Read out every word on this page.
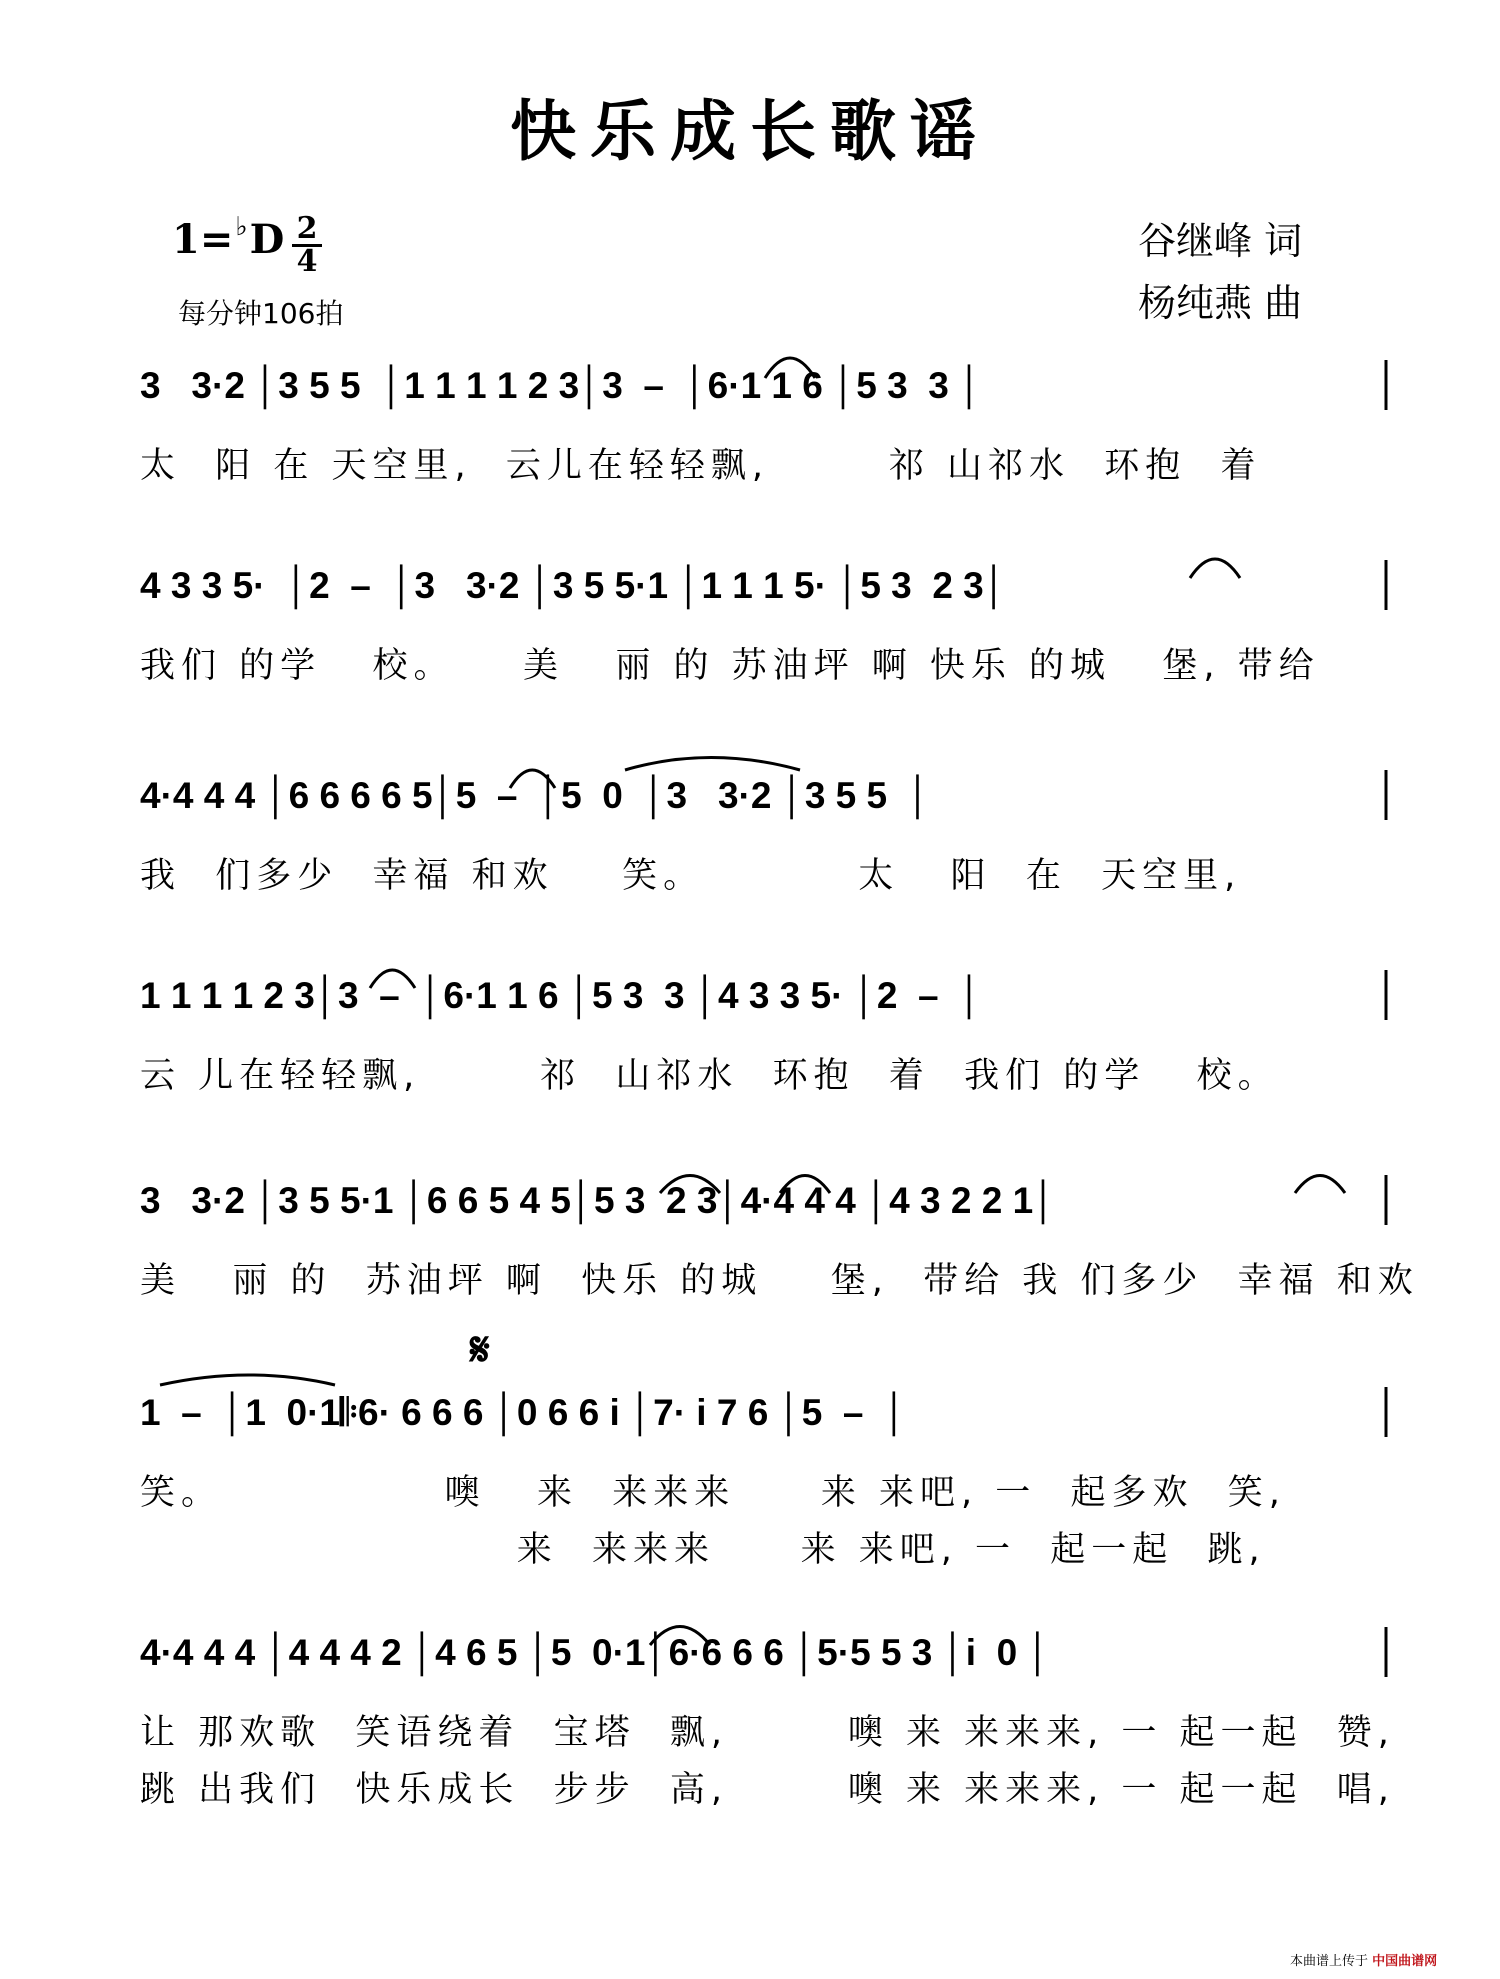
快乐成长歌谣
1=♭D 2
4
每分钟106拍
谷继峰 词
杨纯燕 曲
3   3·2 │3 5 5  │1 1 1 1 2 3│3  –  │6·1 1 6 │5 3  3 │
太  阳 在 天空里,  云儿在轻轻飘,       祁 山祁水  环抱  着
4 3 3 5·  │2  –  │3   3·2 │3 5 5·1 │1 1 1 5· │5 3  2 3│
我们 的学   校。    美   丽 的 苏油坪 啊 快乐 的城   堡, 带给
4·4 4 4 │6 6 6 6 5│5  –  │5  0  │3   3·2 │3 5 5  │
我  们多少  幸福 和欢    笑。         太   阳  在  天空里,
1 1 1 1 2 3│3  –  │6·1 1 6 │5 3  3 │4 3 3 5· │2  –  │
云 儿在轻轻飘,       祁  山祁水  环抱  着  我们 的学   校。
3   3·2 │3 5 5·1 │6 6 5 4 5│5 3  2 3│4·4 4 4 │4 3 2 2 1│
美   丽 的  苏油坪 啊  快乐 的城    堡,  带给 我 们多少  幸福 和欢
𝄋
1  –  │1  0·1𝄆6· 6 6 6 │0 6 6 i │7· i 7 6 │5  –  │
笑。             噢   来  来来来     来 来吧, 一  起多欢  笑,
来  来来来     来 来吧, 一  起一起  跳,
4·4 4 4 │4 4 4 2 │4 6 5 │5  0·1│6·6 6 6 │5·5 5 3 │i  0 │
让 那欢歌  笑语绕着  宝塔  飘,       噢 来 来来来, 一 起一起  赞,
跳 出我们  快乐成长  步步  高,       噢 来 来来来, 一 起一起  唱,
本曲谱上传于 中国曲谱网
